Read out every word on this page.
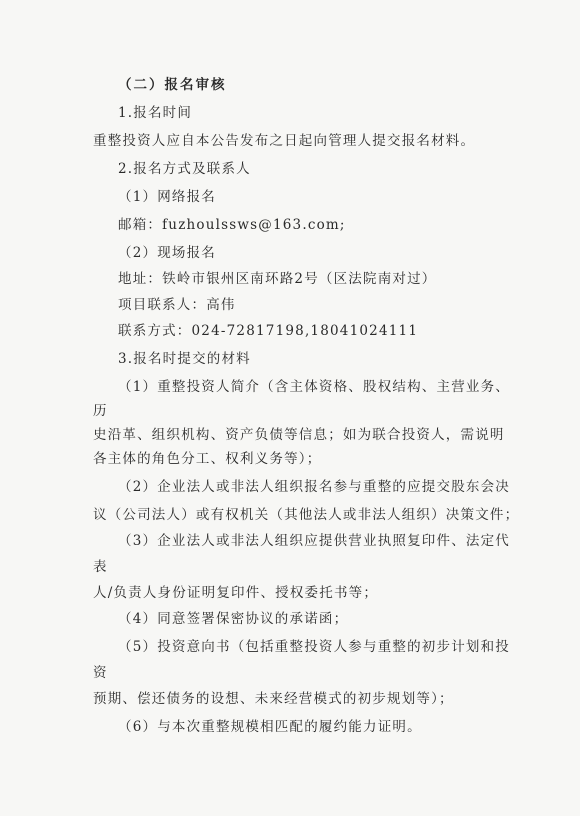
（二）报名审核
1.报名时间
重整投资人应自本公告发布之日起向管理人提交报名材料。
2.报名方式及联系人
（1）网络报名
邮箱：fuzhoulssws@163.com;
（2）现场报名
地址：铁岭市银州区南环路2号（区法院南对过）
项目联系人：高伟
联系方式：024-72817198,18041024111
3.报名时提交的材料
（1）重整投资人简介（含主体资格、股权结构、主营业务、
历
史沿革、组织机构、资产负债等信息；如为联合投资人，需说明
各主体的角色分工、权利义务等）；
（2）企业法人或非法人组织报名参与重整的应提交股东会决
议（公司法人）或有权机关（其他法人或非法人组织）决策文件；
（3）企业法人或非法人组织应提供营业执照复印件、法定代
表
人/负责人身份证明复印件、授权委托书等；
（4）同意签署保密协议的承诺函；
（5）投资意向书（包括重整投资人参与重整的初步计划和投
资
预期、偿还债务的设想、未来经营模式的初步规划等）；
（6）与本次重整规模相匹配的履约能力证明。
